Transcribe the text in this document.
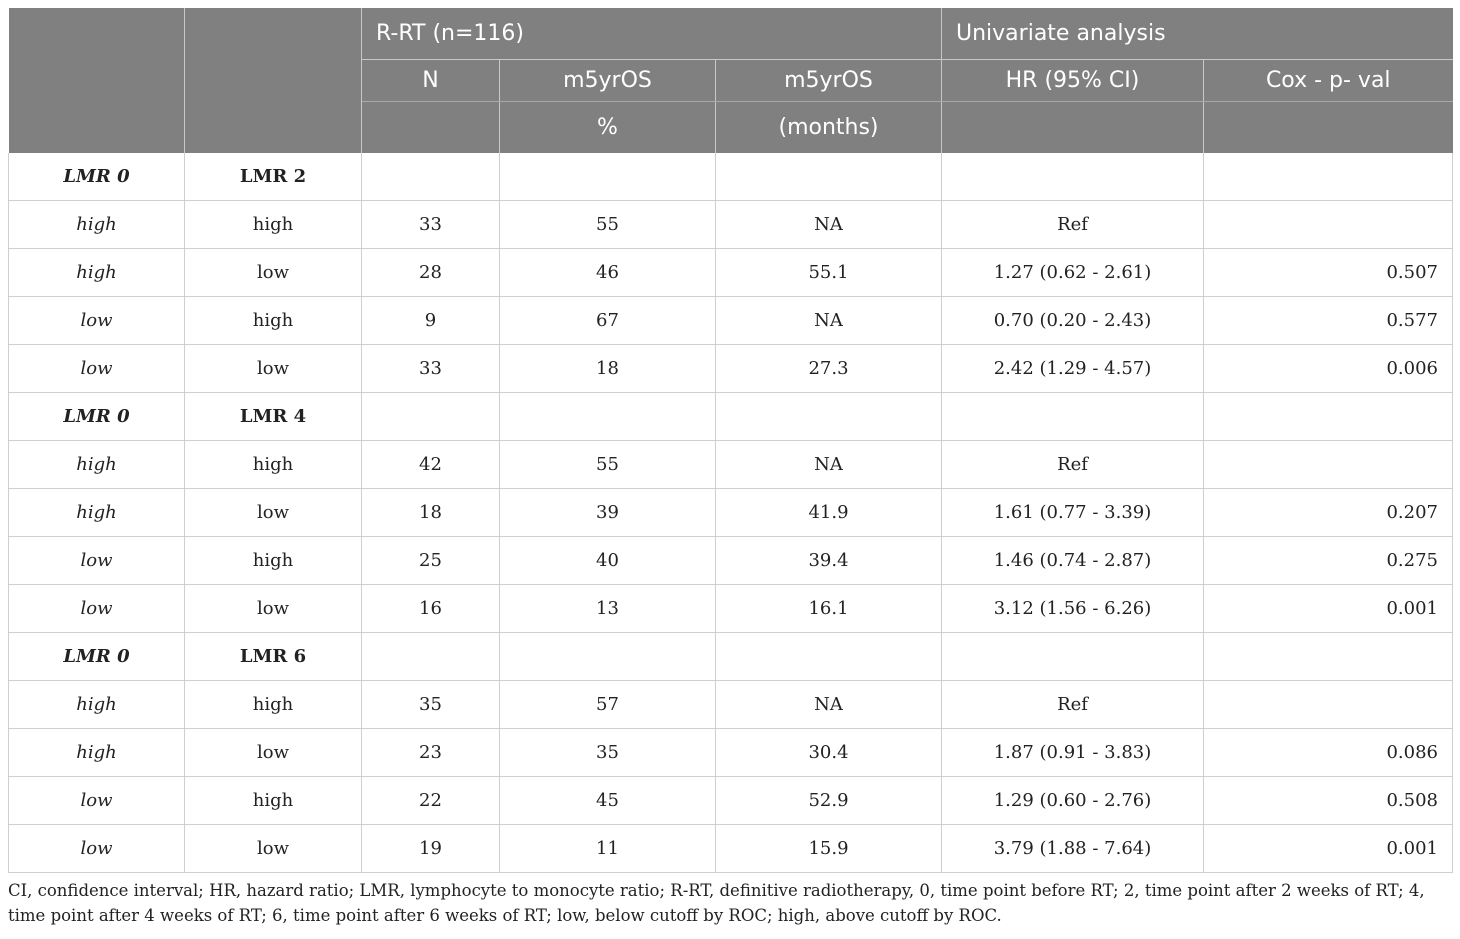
		R-RT (n=116)			Univariate analysis	
		N	m5yrOS	m5yrOS	HR (95% CI)	Cox - p- val
			%	(months)		
LMR 0	LMR 2					
high	high	33	55	NA	Ref	
high	low	28	46	55.1	1.27 (0.62 - 2.61)	0.507
low	high	9	67	NA	0.70 (0.20 - 2.43)	0.577
low	low	33	18	27.3	2.42 (1.29 - 4.57)	0.006
LMR 0	LMR 4					
high	high	42	55	NA	Ref	
high	low	18	39	41.9	1.61 (0.77 - 3.39)	0.207
low	high	25	40	39.4	1.46 (0.74 - 2.87)	0.275
low	low	16	13	16.1	3.12 (1.56 - 6.26)	0.001
LMR 0	LMR 6					
high	high	35	57	NA	Ref	
high	low	23	35	30.4	1.87 (0.91 - 3.83)	0.086
low	high	22	45	52.9	1.29 (0.60 - 2.76)	0.508
low	low	19	11	15.9	3.79 (1.88 - 7.64)	0.001
CI, confidence interval; HR, hazard ratio; LMR, lymphocyte to monocyte ratio; R-RT, definitive radiotherapy, 0, time point before RT; 2, time point after 2 weeks of RT; 4, time point after 4 weeks of RT; 6, time point after 6 weeks of RT; low, below cutoff by ROC; high, above cutoff by ROC.
